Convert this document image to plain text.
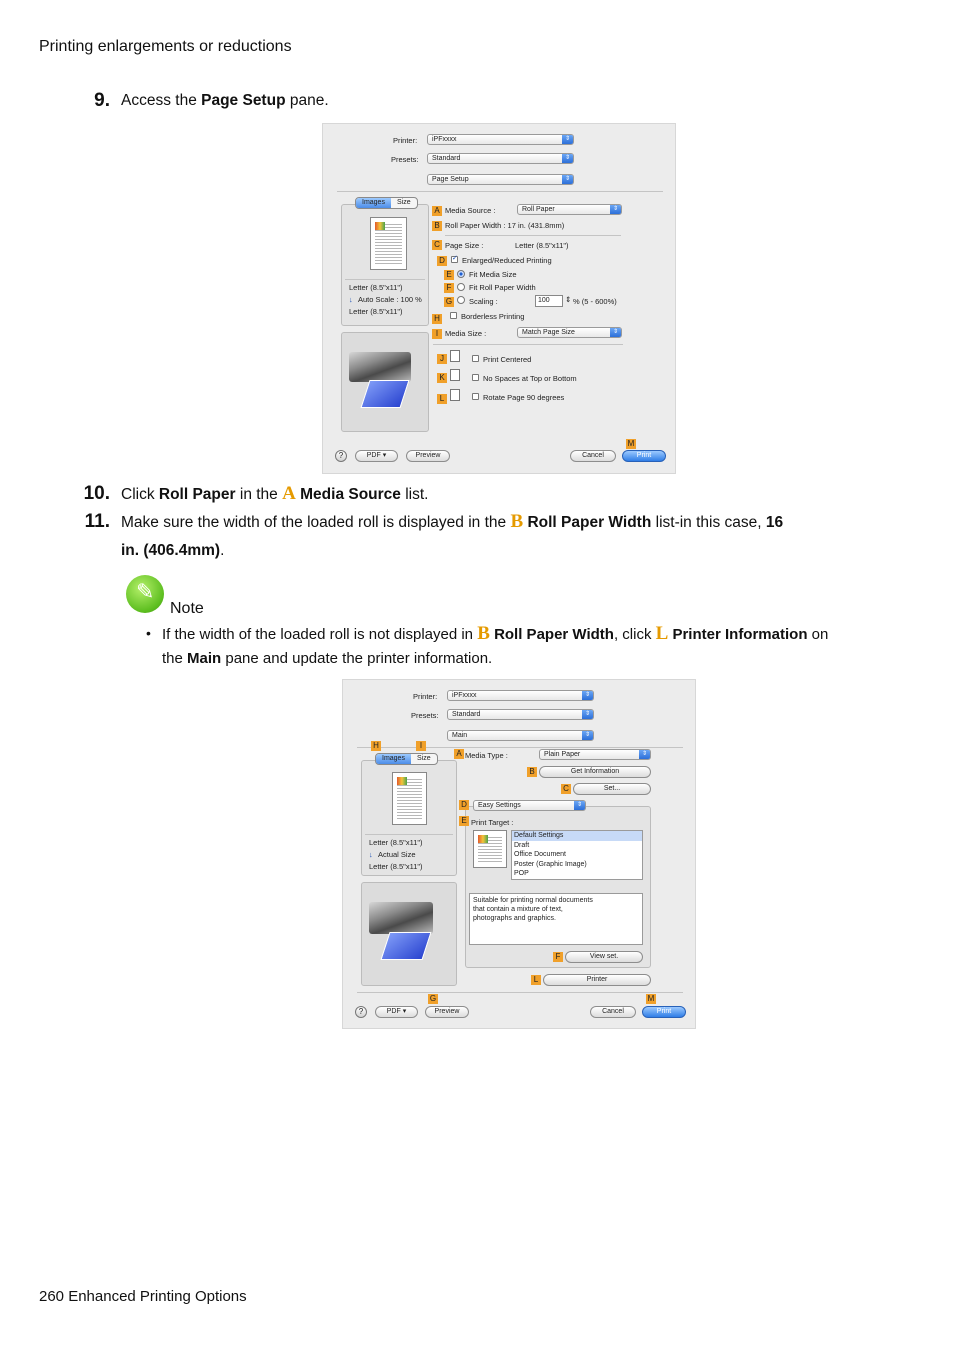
Printing enlargements or reductions
9. Access the Page Setup pane.
Printer:	iPFxxxx	⇕
Presets:	Standard	⇕
Page Setup	⇕
Images	Size
Letter (8.5"x11")
↓ Auto Scale : 100 %
Letter (8.5"x11")
A Media Source :	Roll Paper	⇕
B Roll Paper Width : 17 in. (431.8mm)
C Page Size :	Letter (8.5"x11")
D
✓ Enlarged/Reduced Printing
E	Fit Media Size
F	Fit Roll Paper Width
G Scaling :	100	⇕ % (5 - 600%)
Borderless Printing
H
I Media Size :	Match Page Size	⇕
J	Print Centered
K	No Spaces at Top or Bottom
L	Rotate Page 90 degrees
M
?	PDF ▾	Preview	Cancel	Print
10. Click Roll Paper in the A Media Source list.
11. Make sure the width of the loaded roll is displayed in the B Roll Paper Width list-in this case, 16
in. (406.4mm).
✎
Note
• If the width of the loaded roll is not displayed in B Roll Paper Width, click L Printer Information on
the Main pane and update the printer information.
Printer:	iPFxxxx	⇕
Presets:	Standard	⇕
Main	⇕
H	I
Images	Size
Letter (8.5"x11")
↓ Actual Size
Letter (8.5"x11")
A Media Type :	Plain Paper	⇕
B	Get Information
C	Set...
D	Easy Settings	⇕
E Print Target :
Default Settings
Draft
Office Document
Poster (Graphic Image)
POP
Suitable for printing normal documents
that contain a mixture of text,
photographs and graphics.
F	View set.
L	Printer
G	M
?	PDF ▾	Preview	Cancel	Print
260 Enhanced Printing Options
